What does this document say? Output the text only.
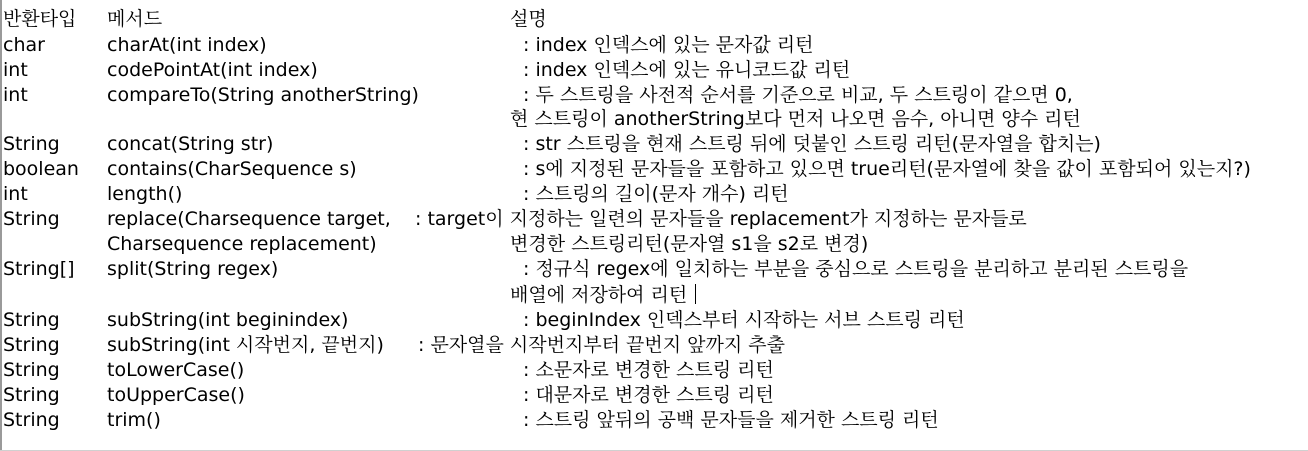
반환타입 메서드	설명
char	charAt(int index)	: index 인덱스에 있는 문자값 리턴
int	codePointAt(int index)	: index 인덱스에 있는 유니코드값 리턴
int	compareTo(String anotherString)	: 두 스트링을 사전적 순서를 기준으로 비교, 두 스트링이 같으면 0,
현 스트링이 anotherString보다 먼저 나오면 음수, 아니면 양수 리턴
String concat(String str)	: str 스트링을 현재 스트링 뒤에 덧붙인 스트링 리턴(문자열을 합치는)
boolean contains(CharSequence s)	: s에 지정된 문자들을 포함하고 있으면 true리턴(문자열에 찾을 값이 포함되어 있는지?)
int	length()	: 스트링의 길이(문자 개수) 리턴
String replace(Charsequence target, : target이 지정하는 일련의 문자들을 replacement가 지정하는 문자들로
Charsequence replacement)	변경한 스트링리턴(문자열 s1을 s2로 변경)
String[] split(String regex)	: 정규식 regex에 일치하는 부분을 중심으로 스트링을 분리하고 분리된 스트링을
배열에 저장하여 리턴
String subString(int beginindex)	: beginIndex 인덱스부터 시작하는 서브 스트링 리턴
String subString(int 시작번지, 끝번지) : 문자열을 시작번지부터 끝번지 앞까지 추출
String toLowerCase()	: 소문자로 변경한 스트링 리턴
String toUpperCase()	: 대문자로 변경한 스트링 리턴
String trim()	: 스트링 앞뒤의 공백 문자들을 제거한 스트링 리턴
